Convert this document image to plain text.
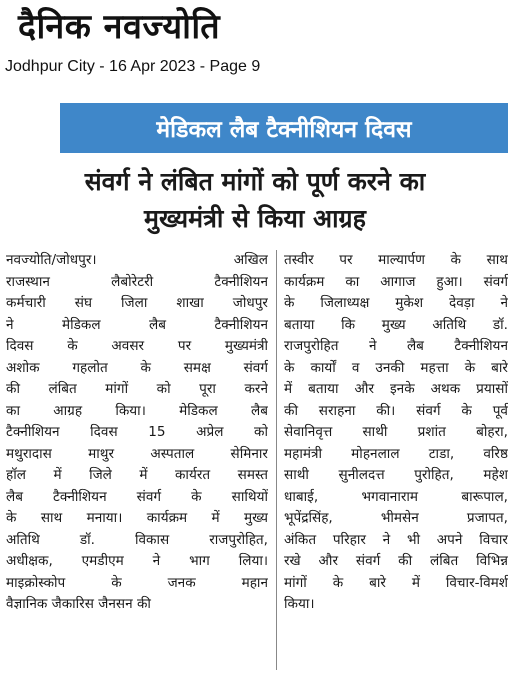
दैनिक नवज्योति
Jodhpur City - 16 Apr 2023 - Page 9
मेडिकल लैब टैक्नीशियन दिवस
संवर्ग ने लंबित मांगों को पूर्ण करने का
मुख्यमंत्री से किया आग्रह
नवज्योति/जोधपुर। अखिल
राजस्थान लैबोरेटरी टैक्नीशियन
कर्मचारी संघ जिला शाखा जोधपुर
ने मेडिकल लैब टैक्नीशियन
दिवस के अवसर पर मुख्यमंत्री
अशोक गहलोत के समक्ष संवर्ग
की लंबित मांगों को पूरा करने
का आग्रह किया। मेडिकल लैब
टैक्नीशियन दिवस 15 अप्रेल को
मथुरादास माथुर अस्पताल सेमिनार
हॉल में जिले में कार्यरत समस्त
लैब टैक्नीशियन संवर्ग के साथियों
के साथ मनाया। कार्यक्रम में मुख्य
अतिथि डॉ. विकास राजपुरोहित,
अधीक्षक, एमडीएम ने भाग लिया।
माइक्रोस्कोप के जनक महान
वैज्ञानिक जैकारिस जैनसन की
तस्वीर पर माल्यार्पण के साथ
कार्यक्रम का आगाज हुआ। संवर्ग
के जिलाध्यक्ष मुकेश देवड़ा ने
बताया कि मुख्य अतिथि डॉ.
राजपुरोहित ने लैब टैक्नीशियन
के कार्यों व उनकी महत्ता के बारे
में बताया और इनके अथक प्रयासों
की सराहना की। संवर्ग के पूर्व
सेवानिवृत्त साथी प्रशांत बोहरा,
महामंत्री मोहनलाल टाडा, वरिष्ठ
साथी सुनीलदत्त पुरोहित, महेश
धाबाई, भगवानाराम बारूपाल,
भूपेंद्रसिंह, भीमसेन प्रजापत,
अंकित परिहार ने भी अपने विचार
रखे और संवर्ग की लंबित विभिन्न
मांगों के बारे में विचार-विमर्श
किया।
